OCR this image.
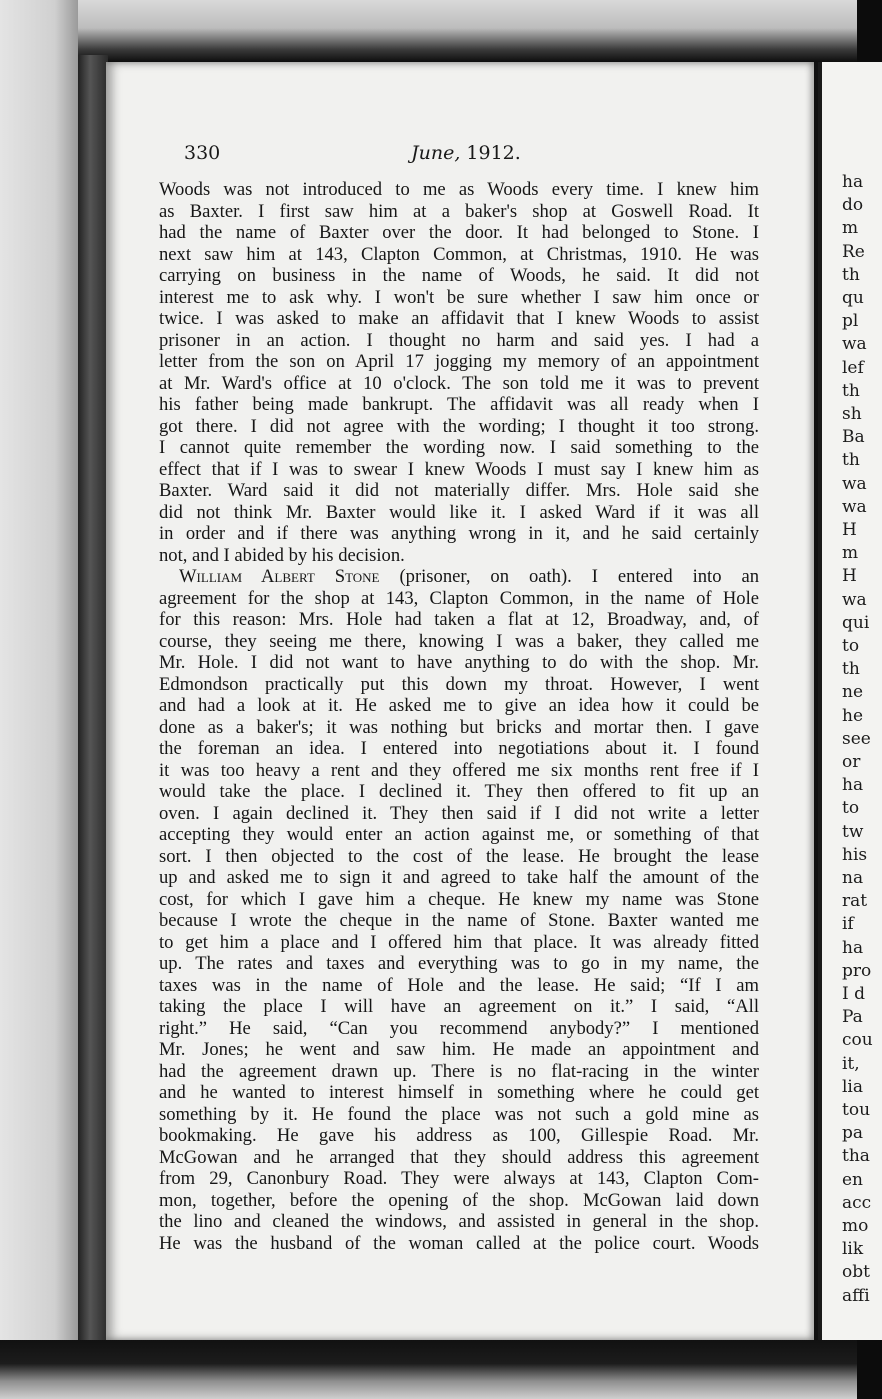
330	June, 1912.
Woods was not introduced to me as Woods every time. I knew him
as Baxter. I first saw him at a baker's shop at Goswell Road. It
had the name of Baxter over the door. It had belonged to Stone. I
next saw him at 143, Clapton Common, at Christmas, 1910. He was
carrying on business in the name of Woods, he said. It did not
interest me to ask why. I won't be sure whether I saw him once or
twice. I was asked to make an affidavit that I knew Woods to assist
prisoner in an action. I thought no harm and said yes. I had a
letter from the son on April 17 jogging my memory of an appointment
at Mr. Ward's office at 10 o'clock. The son told me it was to prevent
his father being made bankrupt. The affidavit was all ready when I
got there. I did not agree with the wording; I thought it too strong.
I cannot quite remember the wording now. I said something to the
effect that if I was to swear I knew Woods I must say I knew him as
Baxter. Ward said it did not materially differ. Mrs. Hole said she
did not think Mr. Baxter would like it. I asked Ward if it was all
in order and if there was anything wrong in it, and he said certainly
not, and I abided by his decision.
William Albert Stone (prisoner, on oath). I entered into an
agreement for the shop at 143, Clapton Common, in the name of Hole
for this reason: Mrs. Hole had taken a flat at 12, Broadway, and, of
course, they seeing me there, knowing I was a baker, they called me
Mr. Hole. I did not want to have anything to do with the shop. Mr.
Edmondson practically put this down my throat. However, I went
and had a look at it. He asked me to give an idea how it could be
done as a baker's; it was nothing but bricks and mortar then. I gave
the foreman an idea. I entered into negotiations about it. I found
it was too heavy a rent and they offered me six months rent free if I
would take the place. I declined it. They then offered to fit up an
oven. I again declined it. They then said if I did not write a letter
accepting they would enter an action against me, or something of that
sort. I then objected to the cost of the lease. He brought the lease
up and asked me to sign it and agreed to take half the amount of the
cost, for which I gave him a cheque. He knew my name was Stone
because I wrote the cheque in the name of Stone. Baxter wanted me
to get him a place and I offered him that place. It was already fitted
up. The rates and taxes and everything was to go in my name, the
taxes was in the name of Hole and the lease. He said; “If I am
taking the place I will have an agreement on it.” I said, “All
right.” He said, “Can you recommend anybody?” I mentioned
Mr. Jones; he went and saw him. He made an appointment and
had the agreement drawn up. There is no flat-racing in the winter
and he wanted to interest himself in something where he could get
something by it. He found the place was not such a gold mine as
bookmaking. He gave his address as 100, Gillespie Road. Mr.
McGowan and he arranged that they should address this agreement
from 29, Canonbury Road. They were always at 143, Clapton Com-
mon, together, before the opening of the shop. McGowan laid down
the lino and cleaned the windows, and assisted in general in the shop.
He was the husband of the woman called at the police court. Woods
ha
do
m
Re
th
qu
pl
wa
lef
th
sh
Ba
th
wa
wa
H
m
H
wa
qui
to
th
ne
he
see
or
ha
to
tw
his
na
rat
if
ha
pro
I d
Pa
cou
it,
lia
tou
pa
tha
en
acc
mo
lik
obt
affi
